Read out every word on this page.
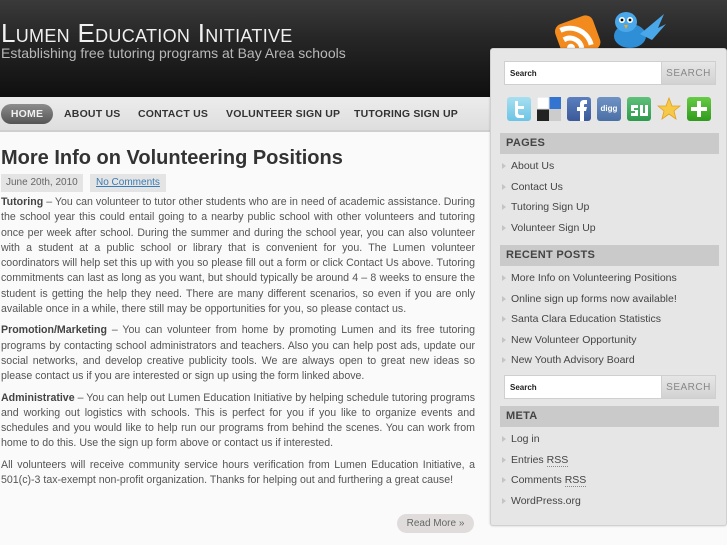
Lumen Education Initiative
Establishing free tutoring programs at Bay Area schools
HOME	ABOUT US CONTACT US VOLUNTEER SIGN UP TUTORING SIGN UP
More Info on Volunteering Positions
June 20th, 2010	No Comments

Tutoring – You can volunteer to tutor other students who are in need of academic assistance. During the school year this could entail going to a nearby public school with other volunteers and tutoring once per week after school. During the summer and during the school year, you can also volunteer with a student at a public school or library that is convenient for you. The Lumen volunteer coordinators will help set this up with you so please fill out a form or click Contact Us above. Tutoring commitments can last as long as you want, but should typically be around 4 – 8 weeks to ensure the student is getting the help they need. There are many different scenarios, so even if you are only available once in a while, there still may be opportunities for you, so please contact us.

Promotion/Marketing – You can volunteer from home by promoting Lumen and its free tutoring programs by contacting school administrators and teachers. Also you can help post ads, update our social networks, and develop creative publicity tools. We are always open to great new ideas so please contact us if you are interested or sign up using the form linked above.

Administrative – You can help out Lumen Education Initiative by helping schedule tutoring programs and working out logistics with schools. This is perfect for you if you like to organize events and schedules and you would like to help run our programs from behind the scenes. You can work from home to do this. Use the sign up form above or contact us if interested.

All volunteers will receive community service hours verification from Lumen Education Initiative, a 501(c)-3 tax-exempt non-profit organization. Thanks for helping out and furthering a great cause!

Read More »
Search
SEARCH
digg
PAGES
About Us
Contact Us
Tutoring Sign Up
Volunteer Sign Up
RECENT POSTS
More Info on Volunteering Positions
Online sign up forms now available!
Santa Clara Education Statistics
New Volunteer Opportunity
New Youth Advisory Board
Search
SEARCH
META
Log in
Entries RSS
Comments RSS
WordPress.org
